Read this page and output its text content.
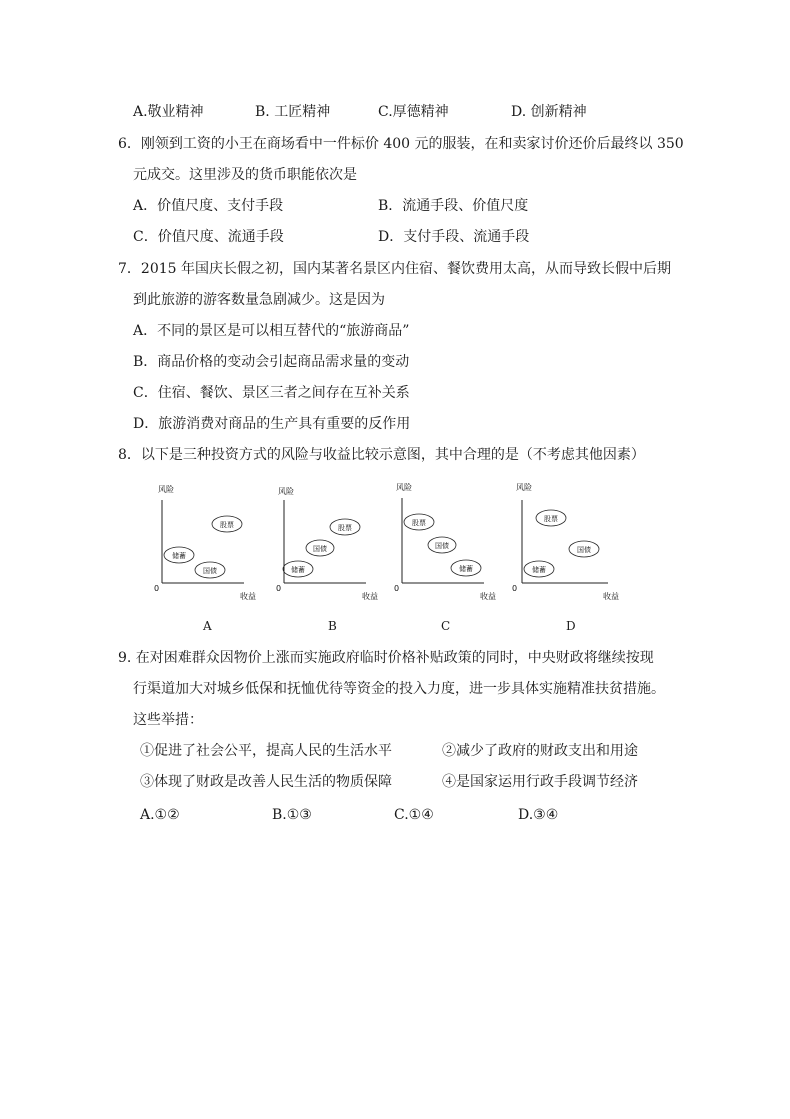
A.敬业精神	B. 工匠精神	C.厚德精神	D. 创新精神
6．刚领到工资的小王在商场看中一件标价 400 元的服装，在和卖家讨价还价后最终以 350
元成交。这里涉及的货币职能依次是
A．价值尺度、支付手段	B．流通手段、价值尺度
C．价值尺度、流通手段	D．支付手段、流通手段
7．2015 年国庆长假之初，国内某著名景区内住宿、餐饮费用太高，从而导致长假中后期
到此旅游的游客数量急剧减少。这是因为
A．不同的景区是可以相互替代的“旅游商品”
B．商品价格的变动会引起商品需求量的变动
C．住宿、餐饮、景区三者之间存在互补关系
D．旅游消费对商品的生产具有重要的反作用
8．以下是三种投资方式的风险与收益比较示意图，其中合理的是（不考虑其他因素）
风险
收益
0
股票
储蓄
国债
A
风险
收益
0
股票
国债
储蓄
B
风险
收益
0
股票
国债
储蓄
C
风险
收益
0
股票
国债
储蓄
D
9. 在对困难群众因物价上涨而实施政府临时价格补贴政策的同时，中央财政将继续按现
行渠道加大对城乡低保和抚恤优待等资金的投入力度，进一步具体实施精准扶贫措施。
这些举措：
①促进了社会公平，提高人民的生活水平	②减少了政府的财政支出和用途
③体现了财政是改善人民生活的物质保障	④是国家运用行政手段调节经济
A.①②	B.①③	C.①④	D.③④
